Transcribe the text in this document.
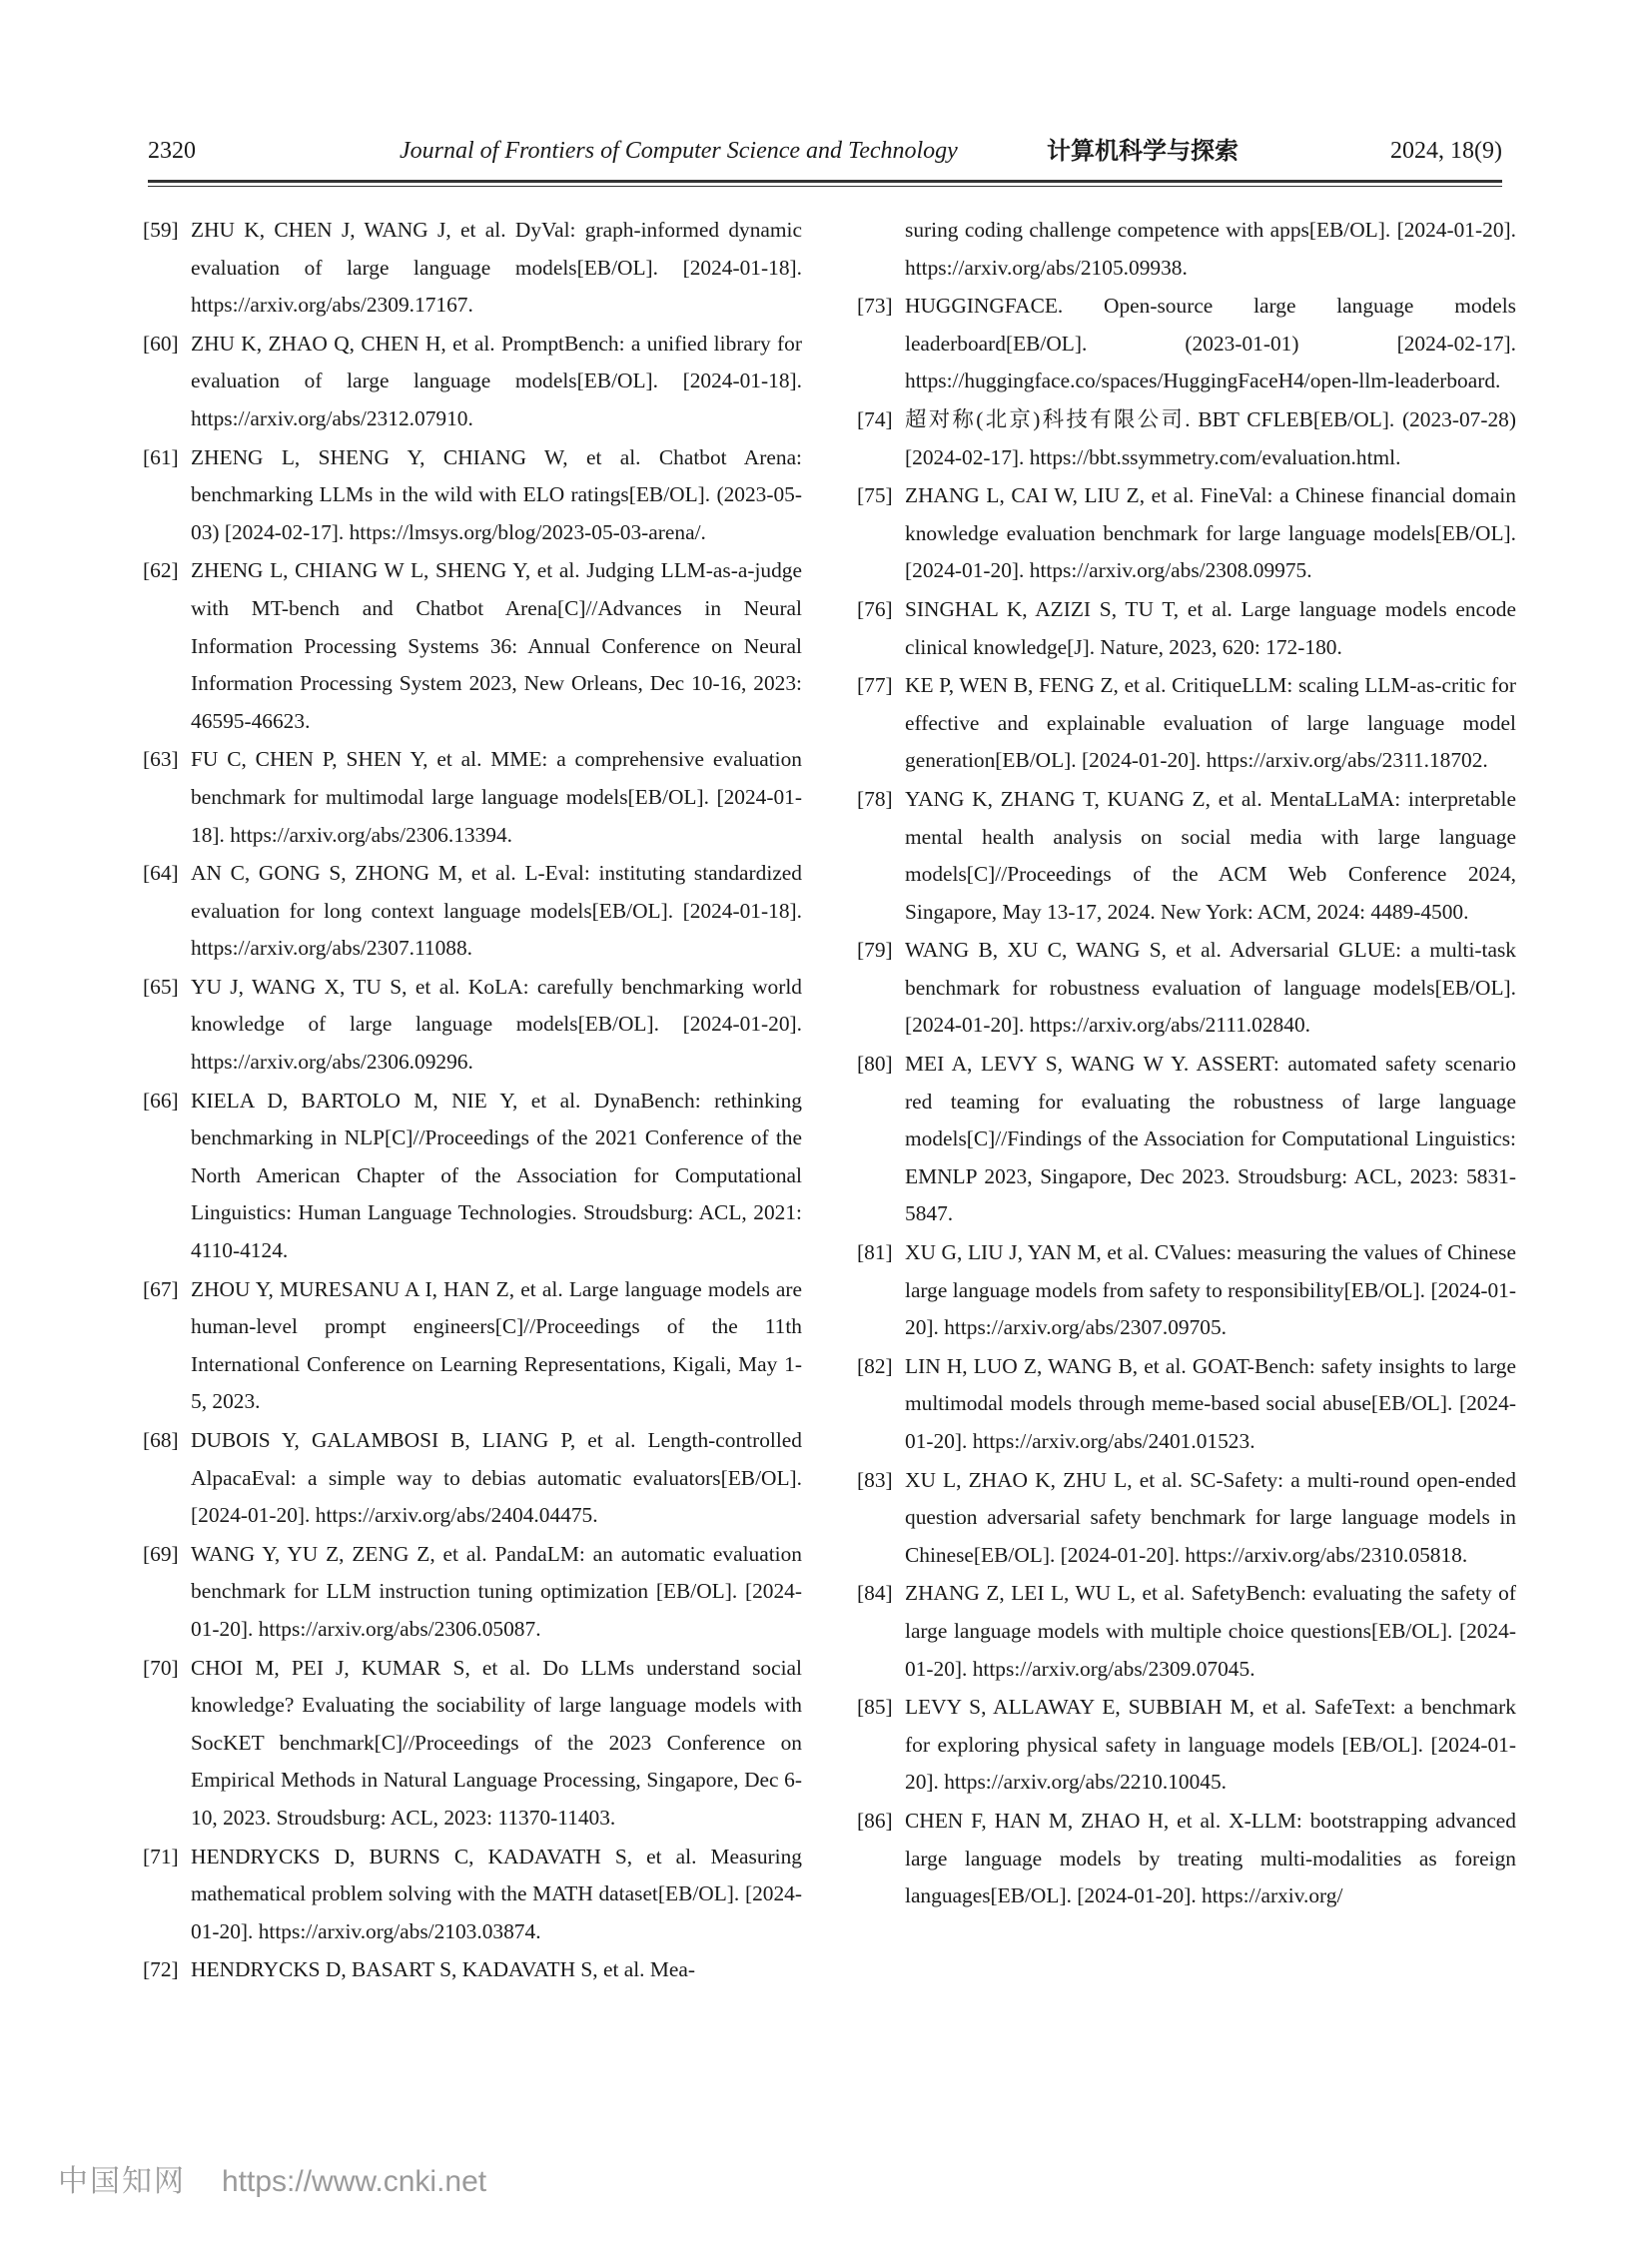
2320	Journal of Frontiers of Computer Science and Technology	计算机科学与探索	2024, 18(9)
[59] ZHU K, CHEN J, WANG J, et al. DyVal: graph-informed dynamic evaluation of large language models[EB/OL]. [2024-01-18]. https://arxiv.org/abs/2309.17167.
[60] ZHU K, ZHAO Q, CHEN H, et al. PromptBench: a unified library for evaluation of large language models[EB/OL]. [2024-01-18]. https://arxiv.org/abs/2312.07910.
[61] ZHENG L, SHENG Y, CHIANG W, et al. Chatbot Arena: benchmarking LLMs in the wild with ELO ratings[EB/OL]. (2023-05-03) [2024-02-17]. https://lmsys.org/blog/2023-05-03-arena/.
[62] ZHENG L, CHIANG W L, SHENG Y, et al. Judging LLM-as-a-judge with MT-bench and Chatbot Arena[C]//Advances in Neural Information Processing Systems 36: Annual Conference on Neural Information Processing System 2023, New Orleans, Dec 10-16, 2023: 46595-46623.
[63] FU C, CHEN P, SHEN Y, et al. MME: a comprehensive evaluation benchmark for multimodal large language models[EB/OL]. [2024-01-18]. https://arxiv.org/abs/2306.13394.
[64] AN C, GONG S, ZHONG M, et al. L-Eval: instituting standardized evaluation for long context language models[EB/OL]. [2024-01-18]. https://arxiv.org/abs/2307.11088.
[65] YU J, WANG X, TU S, et al. KoLA: carefully benchmarking world knowledge of large language models[EB/OL]. [2024-01-20]. https://arxiv.org/abs/2306.09296.
[66] KIELA D, BARTOLO M, NIE Y, et al. DynaBench: rethinking benchmarking in NLP[C]//Proceedings of the 2021 Conference of the North American Chapter of the Association for Computational Linguistics: Human Language Technologies. Stroudsburg: ACL, 2021: 4110-4124.
[67] ZHOU Y, MURESANU A I, HAN Z, et al. Large language models are human-level prompt engineers[C]//Proceedings of the 11th International Conference on Learning Representations, Kigali, May 1-5, 2023.
[68] DUBOIS Y, GALAMBOSI B, LIANG P, et al. Length-controlled AlpacaEval: a simple way to debias automatic evaluators[EB/OL]. [2024-01-20]. https://arxiv.org/abs/2404.04475.
[69] WANG Y, YU Z, ZENG Z, et al. PandaLM: an automatic evaluation benchmark for LLM instruction tuning optimization [EB/OL]. [2024-01-20]. https://arxiv.org/abs/2306.05087.
[70] CHOI M, PEI J, KUMAR S, et al. Do LLMs understand social knowledge? Evaluating the sociability of large language models with SocKET benchmark[C]//Proceedings of the 2023 Conference on Empirical Methods in Natural Language Processing, Singapore, Dec 6-10, 2023. Stroudsburg: ACL, 2023: 11370-11403.
[71] HENDRYCKS D, BURNS C, KADAVATH S, et al. Measuring mathematical problem solving with the MATH dataset[EB/OL]. [2024-01-20]. https://arxiv.org/abs/2103.03874.
[72] HENDRYCKS D, BASART S, KADAVATH S, et al. Mea-
suring coding challenge competence with apps[EB/OL]. [2024-01-20]. https://arxiv.org/abs/2105.09938.
[73] HUGGINGFACE. Open-source large language models leaderboard[EB/OL]. (2023-01-01) [2024-02-17]. https://huggingface.co/spaces/HuggingFaceH4/open-llm-leaderboard.
[74] 超对称(北京)科技有限公司. BBT CFLEB[EB/OL]. (2023-07-28) [2024-02-17]. https://bbt.ssymmetry.com/evaluation.html.
[75] ZHANG L, CAI W, LIU Z, et al. FineVal: a Chinese financial domain knowledge evaluation benchmark for large language models[EB/OL]. [2024-01-20]. https://arxiv.org/abs/2308.09975.
[76] SINGHAL K, AZIZI S, TU T, et al. Large language models encode clinical knowledge[J]. Nature, 2023, 620: 172-180.
[77] KE P, WEN B, FENG Z, et al. CritiqueLLM: scaling LLM-as-critic for effective and explainable evaluation of large language model generation[EB/OL]. [2024-01-20]. https://arxiv.org/abs/2311.18702.
[78] YANG K, ZHANG T, KUANG Z, et al. MentaLLaMA: interpretable mental health analysis on social media with large language models[C]//Proceedings of the ACM Web Conference 2024, Singapore, May 13-17, 2024. New York: ACM, 2024: 4489-4500.
[79] WANG B, XU C, WANG S, et al. Adversarial GLUE: a multi-task benchmark for robustness evaluation of language models[EB/OL]. [2024-01-20]. https://arxiv.org/abs/2111.02840.
[80] MEI A, LEVY S, WANG W Y. ASSERT: automated safety scenario red teaming for evaluating the robustness of large language models[C]//Findings of the Association for Computational Linguistics: EMNLP 2023, Singapore, Dec 2023. Stroudsburg: ACL, 2023: 5831-5847.
[81] XU G, LIU J, YAN M, et al. CValues: measuring the values of Chinese large language models from safety to responsibility[EB/OL]. [2024-01-20]. https://arxiv.org/abs/2307.09705.
[82] LIN H, LUO Z, WANG B, et al. GOAT-Bench: safety insights to large multimodal models through meme-based social abuse[EB/OL]. [2024-01-20]. https://arxiv.org/abs/2401.01523.
[83] XU L, ZHAO K, ZHU L, et al. SC-Safety: a multi-round open-ended question adversarial safety benchmark for large language models in Chinese[EB/OL]. [2024-01-20]. https://arxiv.org/abs/2310.05818.
[84] ZHANG Z, LEI L, WU L, et al. SafetyBench: evaluating the safety of large language models with multiple choice questions[EB/OL]. [2024-01-20]. https://arxiv.org/abs/2309.07045.
[85] LEVY S, ALLAWAY E, SUBBIAH M, et al. SafeText: a benchmark for exploring physical safety in language models [EB/OL]. [2024-01-20]. https://arxiv.org/abs/2210.10045.
[86] CHEN F, HAN M, ZHAO H, et al. X-LLM: bootstrapping advanced large language models by treating multi-modalities as foreign languages[EB/OL]. [2024-01-20]. https://arxiv.org/
中国知网 https://www.cnki.net
